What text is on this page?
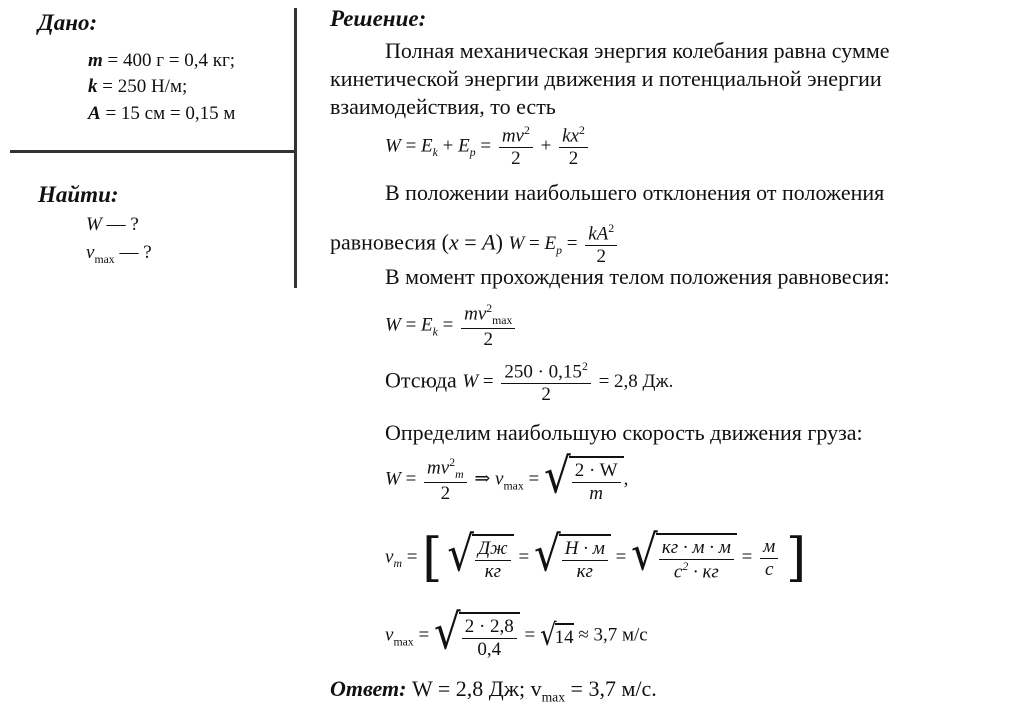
Дано:
m = 400 г = 0,4 кг;
k = 250 Н/м;
A = 15 см = 0,15 м
Найти:
W — ?
$v_{max}$ — ?
Решение:
Полная механическая энергия колебания равна сумме
кинетической энергии движения и потенциальной энергии
взаимодействия, то есть
$W = E_k + E_p = \frac{mv^2}{2} + \frac{kx^2}{2}$
В положении наибольшего отклонения от положения
равновесия (x = A) $W = E_p = \frac{kA^2}{2}$
В момент прохождения телом положения равновесия:
$W = E_k = \frac{mv^2_{max}}{2}$
Отсюда $W = \frac{250 \cdot 0,15^2}{2} = 2,8$ Дж.
Определим наибольшую скорость движения груза:
$W = \frac{mv^2_m}{2}$ ⇒ $v_{max}$ = √ $\frac{2 \cdot W}{m}$ ,
$v_m$ = [ √ $\frac{Дж}{кг}$ = √ $\frac{Н \cdot м}{кг}$ = √ $\frac{кг \cdot м \cdot м}{с^2 \cdot кг} = \frac{м}{с}$ ]
$v_{max}$ = √ $\frac{2 \cdot 2,8}{0,4}$ = √
14 ≈ 3,7 м/с
Ответ: W = 2,8 Дж; $v_{max} = 3,7$ м/с.
